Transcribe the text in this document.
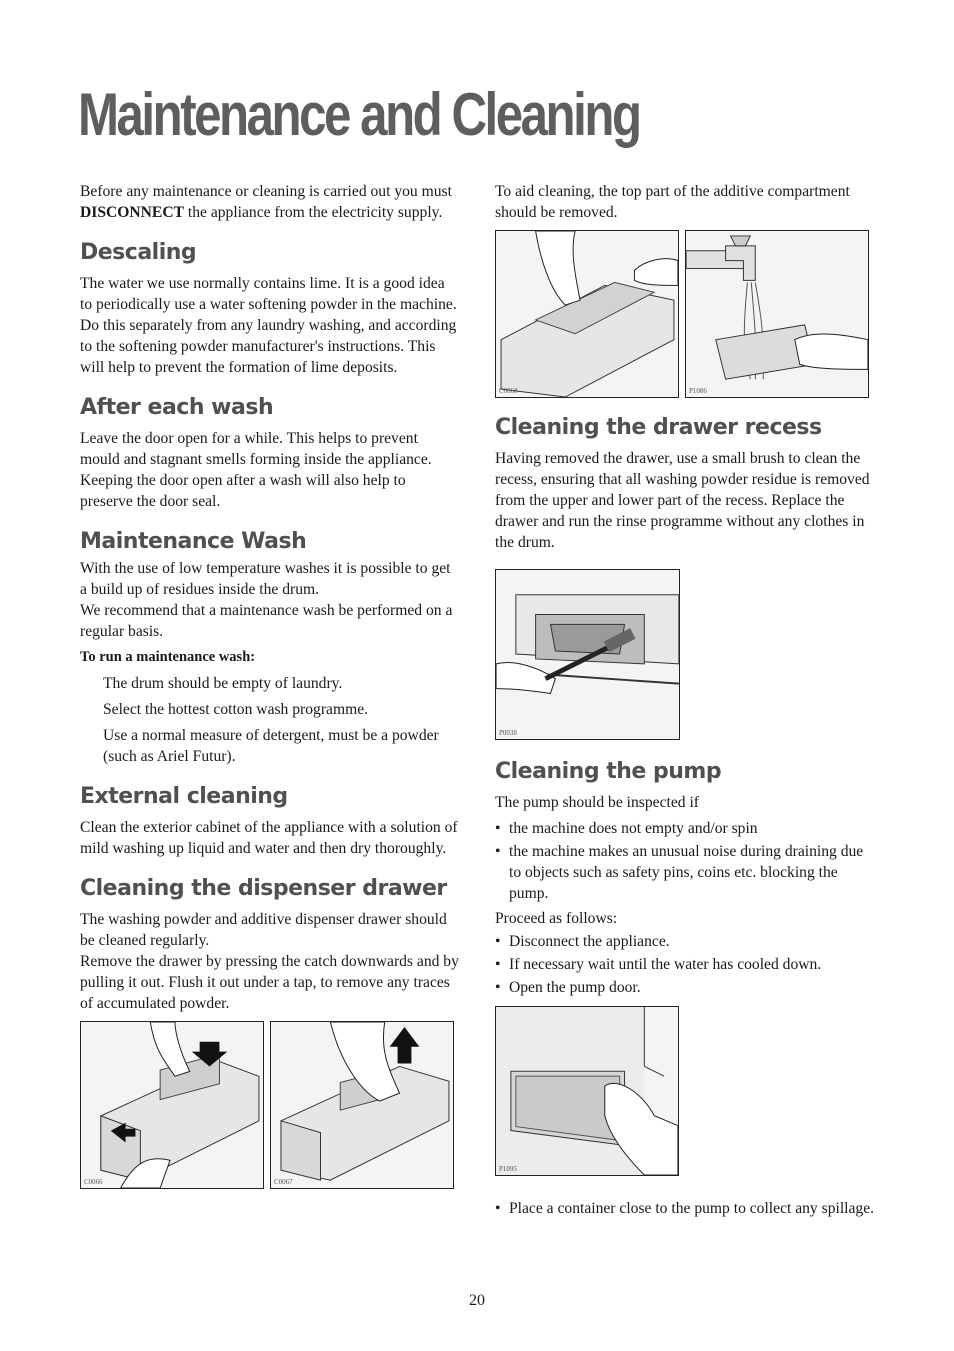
Maintenance and Cleaning

Before any maintenance or cleaning is carried out you must DISCONNECT the appliance from the electricity supply.

Descaling

The water we use normally contains lime. It is a good idea to periodically use a water softening powder in the machine. Do this separately from any laundry washing, and according to the softening powder manufacturer's instructions. This will help to prevent the formation of lime deposits.

After each wash

Leave the door open for a while. This helps to prevent mould and stagnant smells forming inside the appliance. Keeping the door open after a wash will also help to preserve the door seal.

Maintenance Wash

With the use of low temperature washes it is possible to get a build up of residues inside the drum.

We recommend that a maintenance wash be performed on a regular basis.

To run a maintenance wash:

The drum should be empty of laundry.

Select the hottest cotton wash programme.

Use a normal measure of detergent, must be a powder (such as Ariel Futur).

External cleaning

Clean the exterior cabinet of the appliance with a solution of mild washing up liquid and water and then dry thoroughly.

Cleaning the dispenser drawer

The washing powder and additive dispenser drawer should be cleaned regularly.

Remove the drawer by pressing the catch downwards and by pulling it out. Flush it out under a tap, to remove any traces of accumulated powder.

C0066	C0067

To aid cleaning, the top part of the additive compartment should be removed.

C0068	P1086
Cleaning the drawer recess

Having removed the drawer, use a small brush to clean the recess, ensuring that all washing powder residue is removed from the upper and lower part of the recess. Replace the drawer and run the rinse programme without any clothes in the drum.

P0038
Cleaning the pump

The pump should be inspected if

• the machine does not empty and/or spin
• the machine makes an unusual noise during draining due to objects such as safety pins, coins etc. blocking the pump.

Proceed as follows:

• Disconnect the appliance.
• If necessary wait until the water has cooled down.
• Open the pump door.
P1095
• Place a container close to the pump to collect any spillage.
20
